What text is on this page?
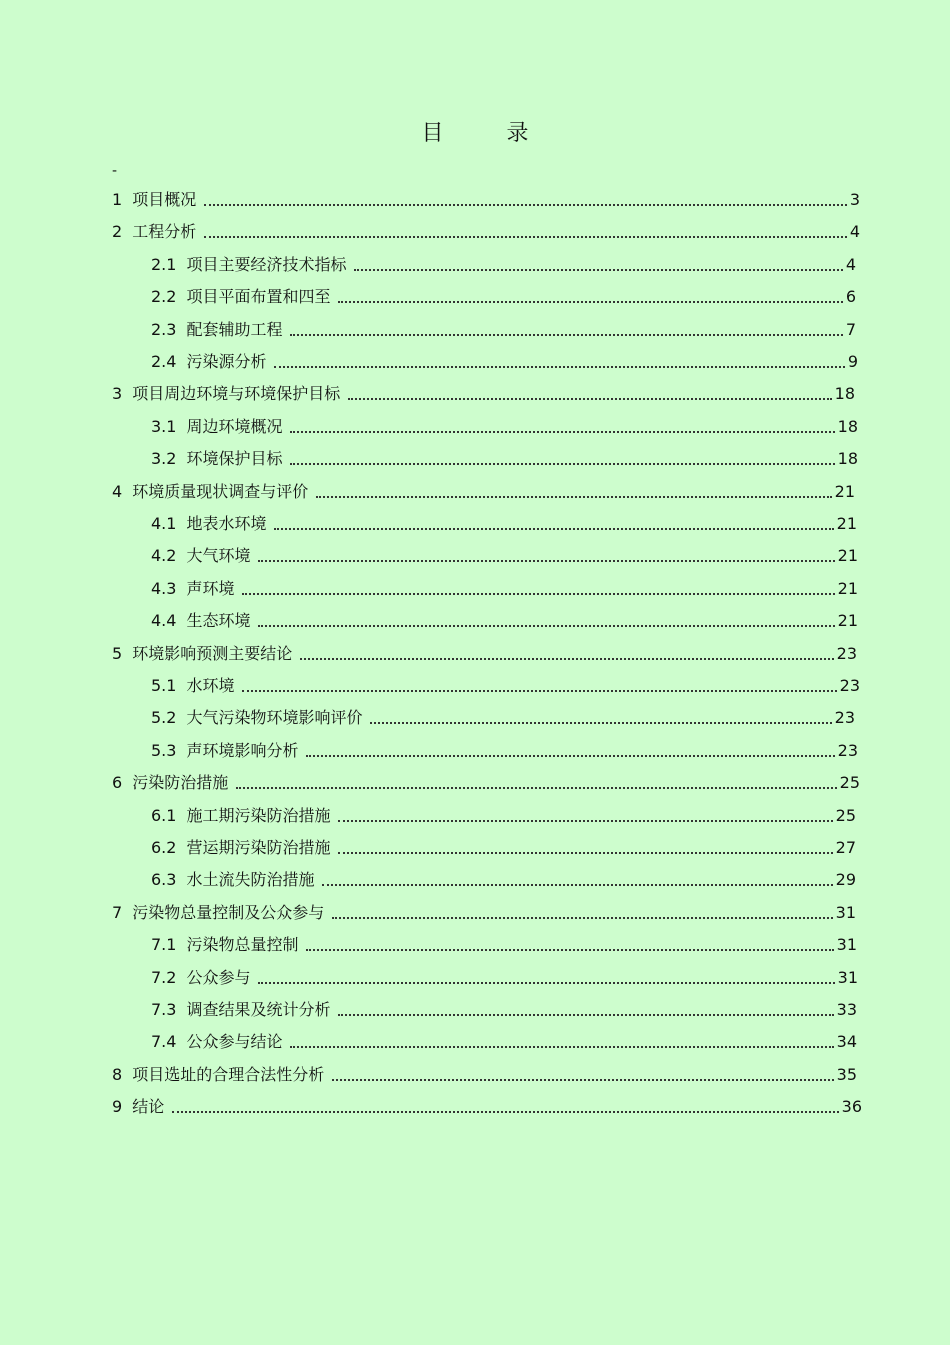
目 录
-
1 项目概况	3
2 工程分析	4
2.1 项目主要经济技术指标	4
2.2 项目平面布置和四至	6
2.3 配套辅助工程	7
2.4 污染源分析	9
3 项目周边环境与环境保护目标	18
3.1 周边环境概况	18
3.2 环境保护目标	18
4 环境质量现状调查与评价	21
4.1 地表水环境	21
4.2 大气环境	21
4.3 声环境	21
4.4 生态环境	21
5 环境影响预测主要结论	23
5.1 水环境	23
5.2 大气污染物环境影响评价	23
5.3 声环境影响分析	23
6 污染防治措施	25
6.1 施工期污染防治措施	25
6.2 营运期污染防治措施	27
6.3 水土流失防治措施	29
7 污染物总量控制及公众参与	31
7.1 污染物总量控制	31
7.2 公众参与	31
7.3 调查结果及统计分析	33
7.4 公众参与结论	34
8 项目选址的合理合法性分析	35
9 结论	36
